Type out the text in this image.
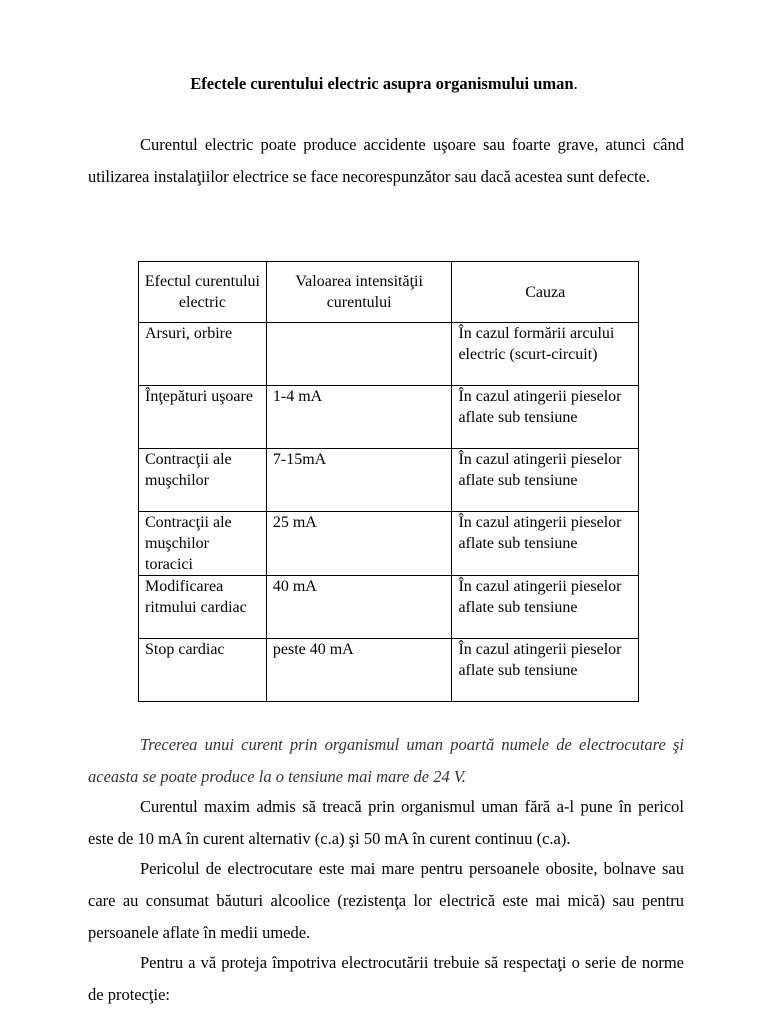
Efectele curentului electric asupra organismului uman.

Curentul electric poate produce accidente uşoare sau foarte grave, atunci când utilizarea instalaţiilor electrice se face necorespunzător sau dacă acestea sunt defecte.

Efectul curentului electric	Valoarea intensităţii curentului	Cauza
Arsuri, orbire		În cazul formării arcului electric (scurt-circuit)
Înţepături uşoare	1-4 mA	În cazul atingerii pieselor aflate sub tensiune
Contracţii ale muşchilor	7-15mA	În cazul atingerii pieselor aflate sub tensiune
Contracţii ale muşchilor toracici	25 mA	În cazul atingerii pieselor aflate sub tensiune
Modificarea ritmului cardiac	40 mA	În cazul atingerii pieselor aflate sub tensiune
Stop cardiac	peste 40 mA	În cazul atingerii pieselor aflate sub tensiune

Trecerea unui curent prin organismul uman poartă numele de electrocutare şi aceasta se poate produce la o tensiune mai mare de 24 V.

Curentul maxim admis să treacă prin organismul uman fără a-l pune în pericol este de 10 mA în curent alternativ (c.a) şi 50 mA în curent continuu (c.a).

Pericolul de electrocutare este mai mare pentru persoanele obosite, bolnave sau care au consumat băuturi alcoolice (rezistenţa lor electrică este mai mică) sau pentru persoanele aflate în medii umede.

Pentru a vă proteja împotriva electrocutării trebuie să respectaţi o serie de norme de protecţie:
